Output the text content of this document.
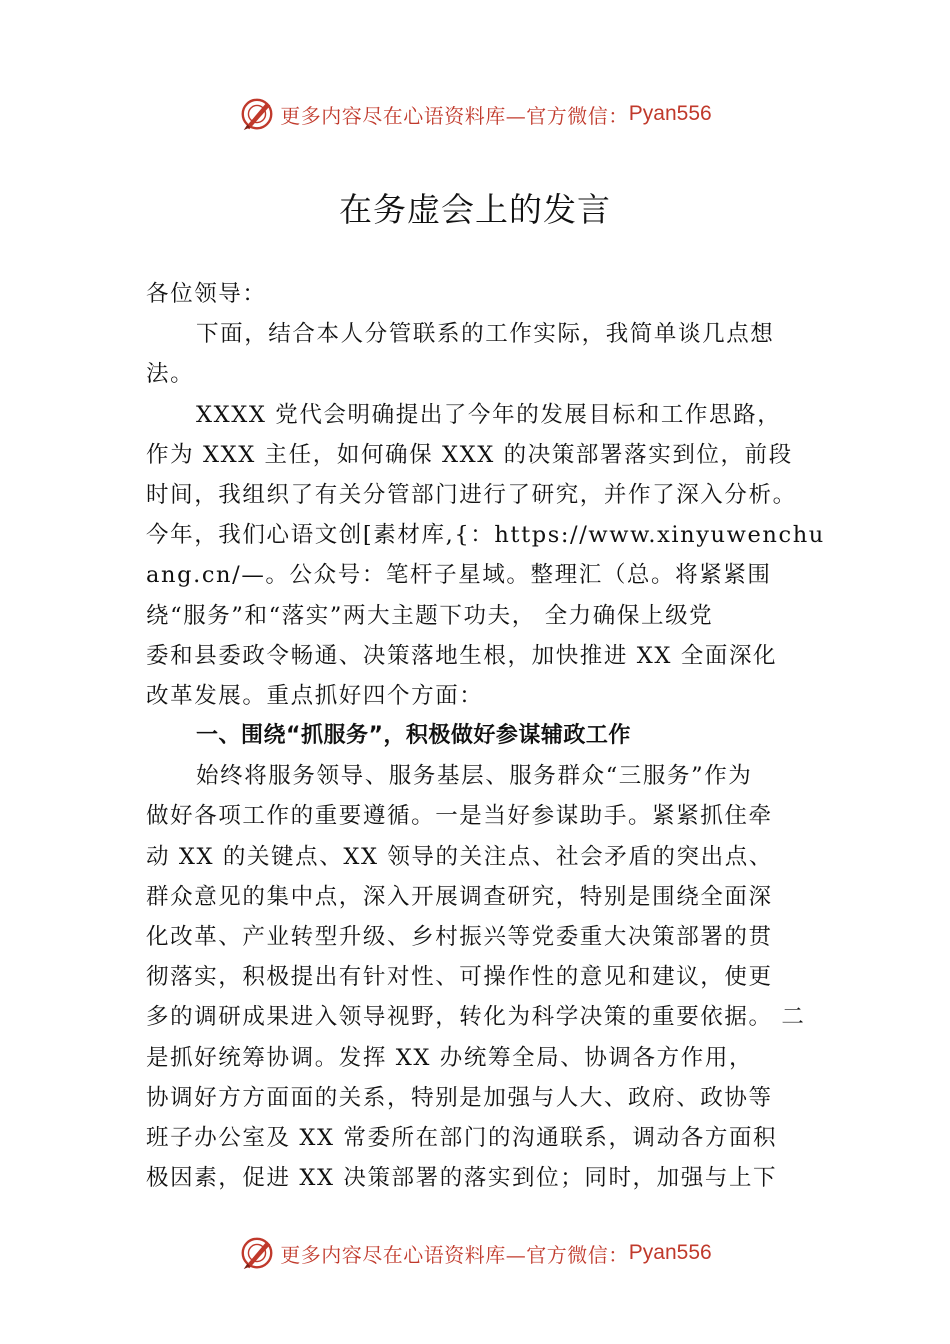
更多内容尽在心语资料库—官方微信： Pyan556
在务虚会上的发言
各位领导：
下面，结合本人分管联系的工作实际，我简单谈几点想
法。
XXXX 党代会明确提出了今年的发展目标和工作思路，
作为 XXX 主任，如何确保 XXX 的决策部署落实到位，前段
时间，我组织了有关分管部门进行了研究，并作了深入分析。
今年，我们心语文创[素材库,{：https://www.xinyuwenchu
ang.cn/—。公众号：笔杆子星域。整理汇（总。将紧紧围
绕“服务”和“落实”两大主题下功夫， 全力确保上级党
委和县委政令畅通、决策落地生根，加快推进 XX 全面深化
改革发展。重点抓好四个方面：
一、围绕“抓服务”，积极做好参谋辅政工作
始终将服务领导、服务基层、服务群众“三服务”作为
做好各项工作的重要遵循。一是当好参谋助手。紧紧抓住牵
动 XX 的关键点、XX 领导的关注点、社会矛盾的突出点、
群众意见的集中点，深入开展调查研究，特别是围绕全面深
化改革、产业转型升级、乡村振兴等党委重大决策部署的贯
彻落实，积极提出有针对性、可操作性的意见和建议，使更
多的调研成果进入领导视野，转化为科学决策的重要依据。 二
是抓好统筹协调。发挥 XX 办统筹全局、协调各方作用，
协调好方方面面的关系，特别是加强与人大、政府、政协等
班子办公室及 XX 常委所在部门的沟通联系，调动各方面积
极因素，促进 XX 决策部署的落实到位；同时，加强与上下
更多内容尽在心语资料库—官方微信： Pyan556
